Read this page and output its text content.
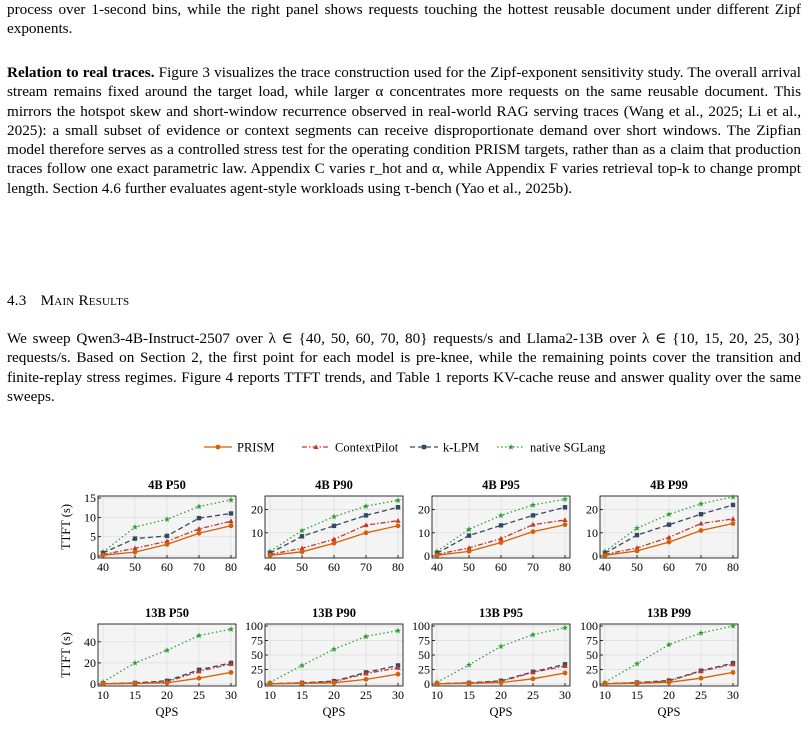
process over 1-second bins, while the right panel shows requests touching the hottest reusable document under different Zipf exponents.

Relation to real traces. Figure 3 visualizes the trace construction used for the Zipf-exponent sensitivity study. The overall arrival stream remains fixed around the target load, while larger α concentrates more requests on the same reusable document. This mirrors the hotspot skew and short-window recurrence observed in real-world RAG serving traces (Wang et al., 2025; Li et al., 2025): a small subset of evidence or context segments can receive disproportionate demand over short windows. The Zipfian model therefore serves as a controlled stress test for the operating condition PRISM targets, rather than as a claim that production traces follow one exact parametric law. Appendix C varies r_hot and α, while Appendix F varies retrieval top-k to change prompt length. Section 4.6 further evaluates agent-style workloads using τ-bench (Yao et al., 2025b).

4.3 Main Results

We sweep Qwen3-4B-Instruct-2507 over λ ∈ {40, 50, 60, 70, 80} requests/s and Llama2-13B over λ ∈ {10, 15, 20, 25, 30} requests/s. Based on Section 2, the first point for each model is pre-knee, while the remaining points cover the transition and finite-replay stress regimes. Figure 4 reports TTFT trends, and Table 1 reports KV-cache reuse and answer quality over the same sweeps.

PRISM	ContextPilot	k-LPM	native SGLang
4B P50
0
5
10
15
40 50 60 70 80
TTFT (s)
4B P90
10
20
40 50 60 70 80
4B P95
0
10
20
40 50 60 70 80
4B P99
0
10
20
40 50 60 70 80
13B P50
0
20
40
10 15 20 25 30
TTFT (s)
QPS
13B P90
0
25
50
75
100
10 15 20 25 30
QPS
13B P95
0
25
50
75
100
10 15 20 25 30
QPS
13B P99
0
25
50
75
100
10 15 20 25 30
QPS
